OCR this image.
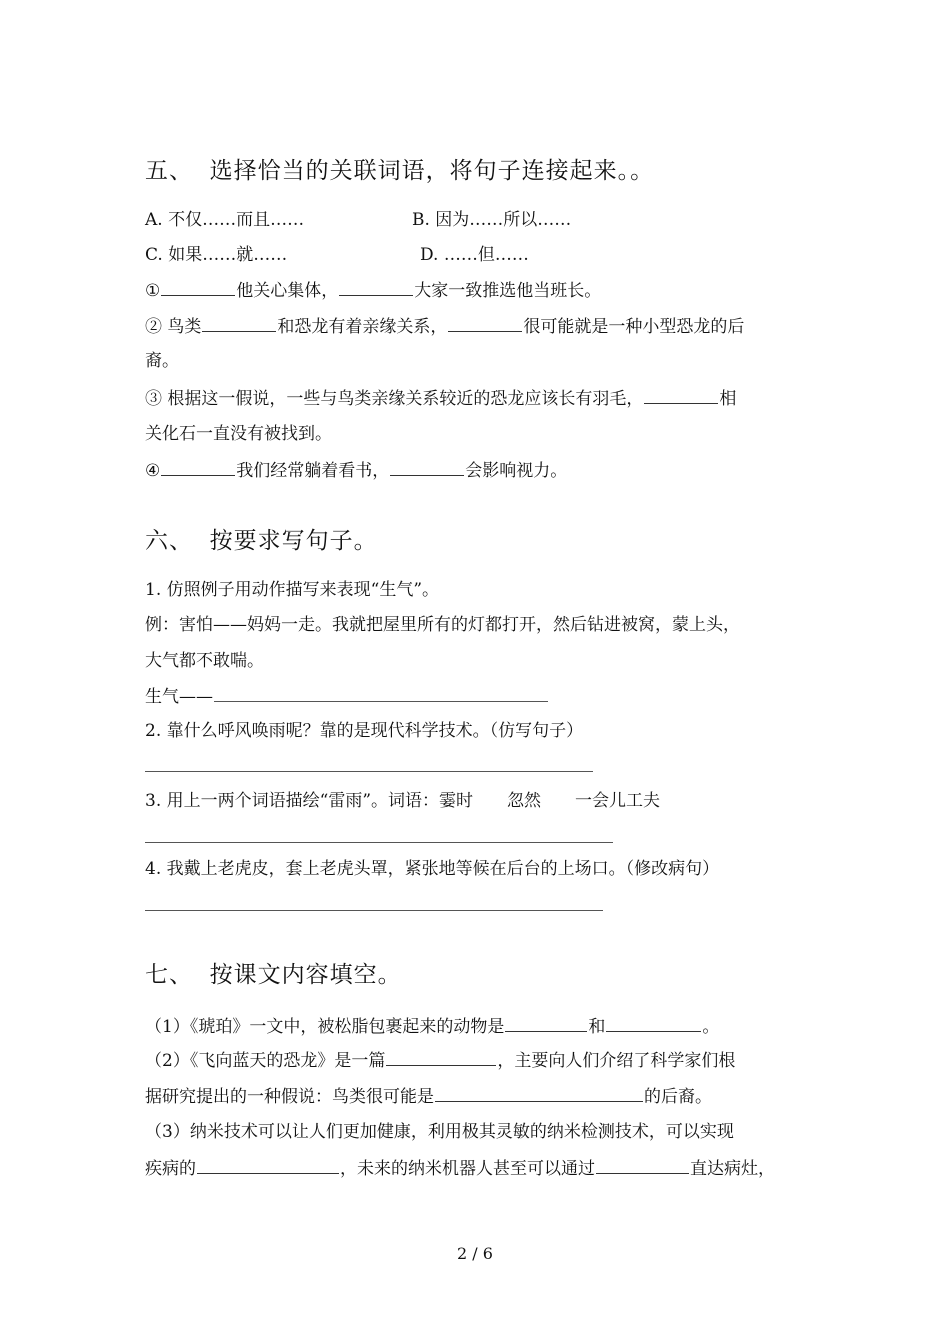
五、  选择恰当的关联词语，将句子连接起来。。
A. 不仅……而且……	B. 因为……所以……
C. 如果……就……	D. ……但……
①	他关心集体，	大家一致推选他当班长。
② 鸟类	和恐龙有着亲缘关系，	很可能就是一种小型恐龙的后
裔。
③ 根据这一假说，一些与鸟类亲缘关系较近的恐龙应该长有羽毛，	相
关化石一直没有被找到。
④	我们经常躺着看书，	会影响视力。
六、  按要求写句子。
1. 仿照例子用动作描写来表现“生气”。
例：害怕——妈妈一走。我就把屋里所有的灯都打开，然后钻进被窝，蒙上头，
大气都不敢喘。
生气——
2. 靠什么呼风唤雨呢？靠的是现代科学技术。（仿写句子）
3. 用上一两个词语描绘“雷雨”。词语：霎时　　忽然　　一会儿工夫
4. 我戴上老虎皮，套上老虎头罩，紧张地等候在后台的上场口。（修改病句）
七、  按课文内容填空。
（1）《琥珀》一文中，被松脂包裹起来的动物是	和	。
（2）《飞向蓝天的恐龙》是一篇	，主要向人们介绍了科学家们根
据研究提出的一种假说：鸟类很可能是	的后裔。
（3）纳米技术可以让人们更加健康，利用极其灵敏的纳米检测技术，可以实现
疾病的	，未来的纳米机器人甚至可以通过	直达病灶，
2 / 6
